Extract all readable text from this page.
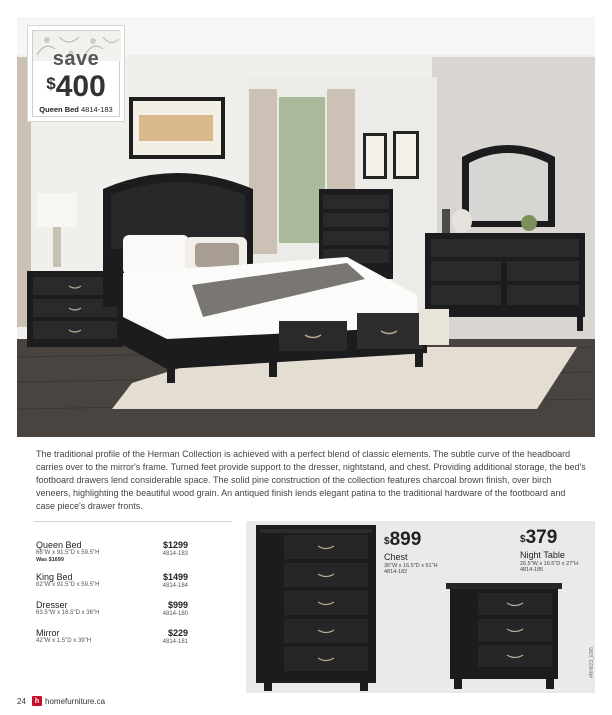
save
$400
Queen Bed 4814-183

The traditional profile of the Herman Collection is achieved with a perfect blend of classic elements. The subtle curve of the headboard carries over to the mirror's frame. Turned feet provide support to the dresser, nightstand, and chest. Providing additional storage, the bed's footboard drawers lend considerable space. The solid pine construction of the collection features charcoal brown finish, over birch veneers, highlighting the beautiful wood grain. An antiqued finish lends elegant patina to the traditional hardware of the footboard and case piece's drawer fronts.

Queen Bed
66"W x 91.5"D x 59.5"H
Was $1699
$1299
4814-183
King Bed
82"W x 91.5"D x 59.5"H
$1499
4814-184
Dresser
63.5"W x 16.5"D x 36"H
$999
4814-180
Mirror
42"W x 1.5"D x 39"H
$229
4814-181
$899
Chest
36"W x 16.5"D x 51"H
4814-182
$379
Night Table
26.5"W x 16.5"D x 27"H
4814-185
#RH623_EN5
24	h homefurniture.ca
